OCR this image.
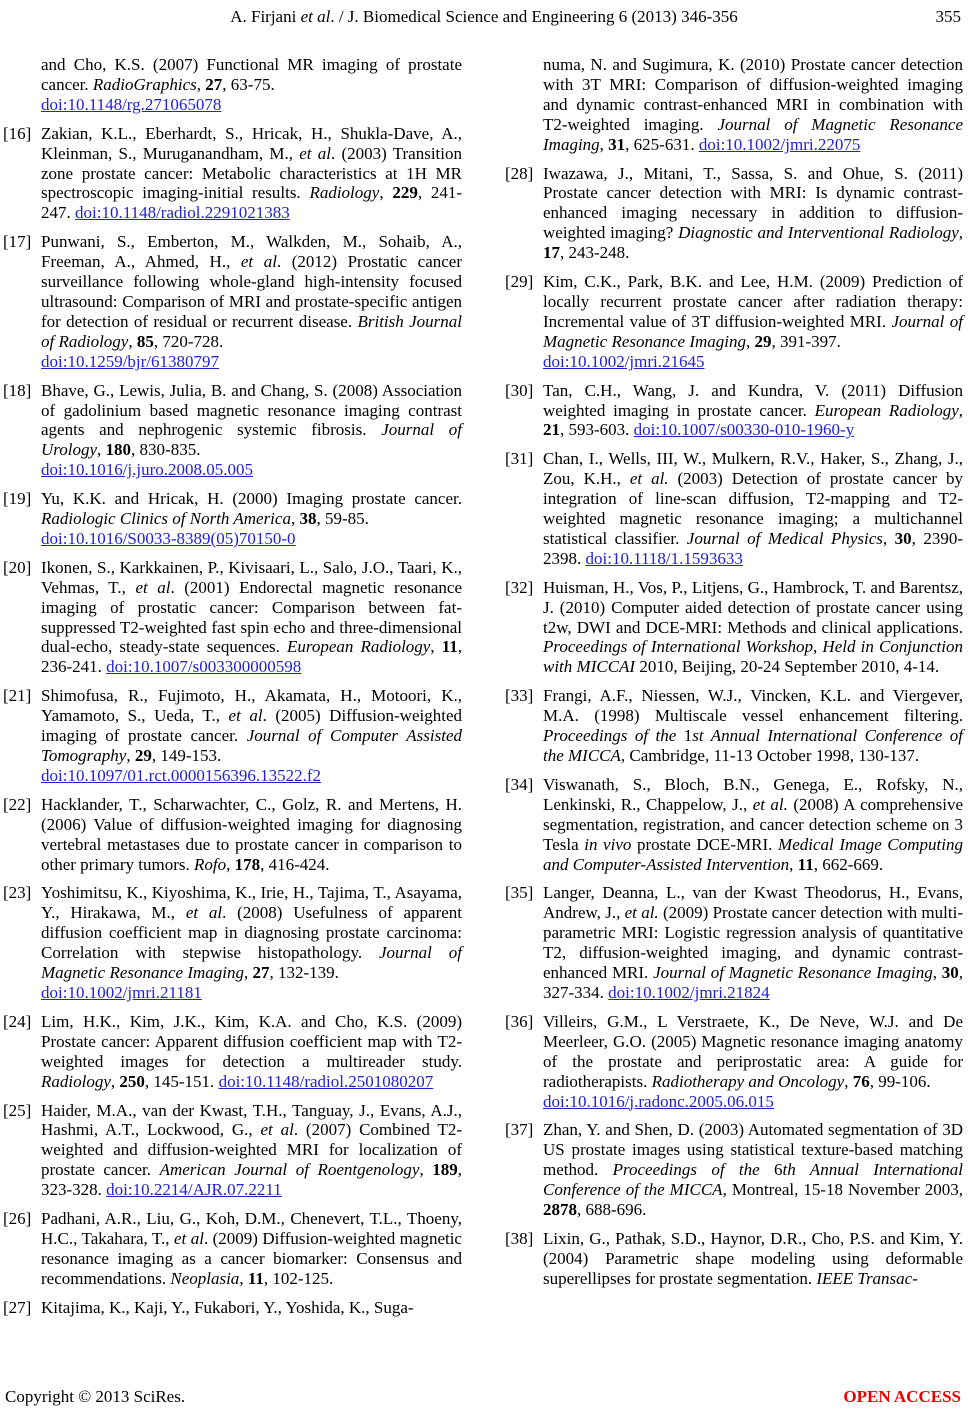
A. Firjani et al. / J. Biomedical Science and Engineering 6 (2013) 346-356	355
and Cho, K.S. (2007) Functional MR imaging of prostate cancer. RadioGraphics, 27, 63-75.
doi:10.1148/rg.271065078
[16] Zakian, K.L., Eberhardt, S., Hricak, H., Shukla-Dave, A., Kleinman, S., Muruganandham, M., et al. (2003) Transition zone prostate cancer: Metabolic characteristics at 1H MR spectroscopic imaging-initial results. Radiology, 229, 241-247. doi:10.1148/radiol.2291021383
[17] Punwani, S., Emberton, M., Walkden, M., Sohaib, A., Freeman, A., Ahmed, H., et al. (2012) Prostatic cancer surveillance following whole-gland high-intensity focused ultrasound: Comparison of MRI and prostate-specific antigen for detection of residual or recurrent disease. British Journal of Radiology, 85, 720-728.
doi:10.1259/bjr/61380797
[18] Bhave, G., Lewis, Julia, B. and Chang, S. (2008) Association of gadolinium based magnetic resonance imaging contrast agents and nephrogenic systemic fibrosis. Journal of Urology, 180, 830-835.
doi:10.1016/j.juro.2008.05.005
[19] Yu, K.K. and Hricak, H. (2000) Imaging prostate cancer. Radiologic Clinics of North America, 38, 59-85.
doi:10.1016/S0033-8389(05)70150-0
[20] Ikonen, S., Karkkainen, P., Kivisaari, L., Salo, J.O., Taari, K., Vehmas, T., et al. (2001) Endorectal magnetic resonance imaging of prostatic cancer: Comparison between fat-suppressed T2-weighted fast spin echo and three-dimensional dual-echo, steady-state sequences. European Radiology, 11, 236-241. doi:10.1007/s003300000598
[21] Shimofusa, R., Fujimoto, H., Akamata, H., Motoori, K., Yamamoto, S., Ueda, T., et al. (2005) Diffusion-weighted imaging of prostate cancer. Journal of Computer Assisted Tomography, 29, 149-153.
doi:10.1097/01.rct.0000156396.13522.f2
[22] Hacklander, T., Scharwachter, C., Golz, R. and Mertens, H. (2006) Value of diffusion-weighted imaging for diagnosing vertebral metastases due to prostate cancer in comparison to other primary tumors. Rofo, 178, 416-424.
[23] Yoshimitsu, K., Kiyoshima, K., Irie, H., Tajima, T., Asayama, Y., Hirakawa, M., et al. (2008) Usefulness of apparent diffusion coefficient map in diagnosing prostate carcinoma: Correlation with stepwise histopathology. Journal of Magnetic Resonance Imaging, 27, 132-139.
doi:10.1002/jmri.21181
[24] Lim, H.K., Kim, J.K., Kim, K.A. and Cho, K.S. (2009) Prostate cancer: Apparent diffusion coefficient map with T2-weighted images for detection a multireader study. Radiology, 250, 145-151. doi:10.1148/radiol.2501080207
[25] Haider, M.A., van der Kwast, T.H., Tanguay, J., Evans, A.J., Hashmi, A.T., Lockwood, G., et al. (2007) Combined T2-weighted and diffusion-weighted MRI for localization of prostate cancer. American Journal of Roentgenology, 189, 323-328. doi:10.2214/AJR.07.2211
[26] Padhani, A.R., Liu, G., Koh, D.M., Chenevert, T.L., Thoeny, H.C., Takahara, T., et al. (2009) Diffusion-weighted magnetic resonance imaging as a cancer biomarker: Consensus and recommendations. Neoplasia, 11, 102-125.
[27] Kitajima, K., Kaji, Y., Fukabori, Y., Yoshida, K., Suga-
numa, N. and Sugimura, K. (2010) Prostate cancer detection with 3T MRI: Comparison of diffusion-weighted imaging and dynamic contrast-enhanced MRI in combination with T2-weighted imaging. Journal of Magnetic Resonance Imaging, 31, 625-631. doi:10.1002/jmri.22075
[28] Iwazawa, J., Mitani, T., Sassa, S. and Ohue, S. (2011) Prostate cancer detection with MRI: Is dynamic contrast-enhanced imaging necessary in addition to diffusion-weighted imaging? Diagnostic and Interventional Radiology, 17, 243-248.
[29] Kim, C.K., Park, B.K. and Lee, H.M. (2009) Prediction of locally recurrent prostate cancer after radiation therapy: Incremental value of 3T diffusion-weighted MRI. Journal of Magnetic Resonance Imaging, 29, 391-397.
doi:10.1002/jmri.21645
[30] Tan, C.H., Wang, J. and Kundra, V. (2011) Diffusion weighted imaging in prostate cancer. European Radiology, 21, 593-603. doi:10.1007/s00330-010-1960-y
[31] Chan, I., Wells, III, W., Mulkern, R.V., Haker, S., Zhang, J., Zou, K.H., et al. (2003) Detection of prostate cancer by integration of line-scan diffusion, T2-mapping and T2-weighted magnetic resonance imaging; a multichannel statistical classifier. Journal of Medical Physics, 30, 2390-2398. doi:10.1118/1.1593633
[32] Huisman, H., Vos, P., Litjens, G., Hambrock, T. and Barentsz, J. (2010) Computer aided detection of prostate cancer using t2w, DWI and DCE-MRI: Methods and clinical applications. Proceedings of International Workshop, Held in Conjunction with MICCAI 2010, Beijing, 20-24 September 2010, 4-14.
[33] Frangi, A.F., Niessen, W.J., Vincken, K.L. and Viergever, M.A. (1998) Multiscale vessel enhancement filtering. Proceedings of the 1st Annual International Conference of the MICCA, Cambridge, 11-13 October 1998, 130-137.
[34] Viswanath, S., Bloch, B.N., Genega, E., Rofsky, N., Lenkinski, R., Chappelow, J., et al. (2008) A comprehensive segmentation, registration, and cancer detection scheme on 3 Tesla in vivo prostate DCE-MRI. Medical Image Computing and Computer-Assisted Intervention, 11, 662-669.
[35] Langer, Deanna, L., van der Kwast Theodorus, H., Evans, Andrew, J., et al. (2009) Prostate cancer detection with multi-parametric MRI: Logistic regression analysis of quantitative T2, diffusion-weighted imaging, and dynamic contrast-enhanced MRI. Journal of Magnetic Resonance Imaging, 30, 327-334. doi:10.1002/jmri.21824
[36] Villeirs, G.M., L Verstraete, K., De Neve, W.J. and De Meerleer, G.O. (2005) Magnetic resonance imaging anatomy of the prostate and periprostatic area: A guide for radiotherapists. Radiotherapy and Oncology, 76, 99-106.
doi:10.1016/j.radonc.2005.06.015
[37] Zhan, Y. and Shen, D. (2003) Automated segmentation of 3D US prostate images using statistical texture-based matching method. Proceedings of the 6th Annual International Conference of the MICCA, Montreal, 15-18 November 2003, 2878, 688-696.
[38] Lixin, G., Pathak, S.D., Haynor, D.R., Cho, P.S. and Kim, Y. (2004) Parametric shape modeling using deformable superellipses for prostate segmentation. IEEE Transac-
Copyright © 2013 SciRes.	OPEN ACCESS
